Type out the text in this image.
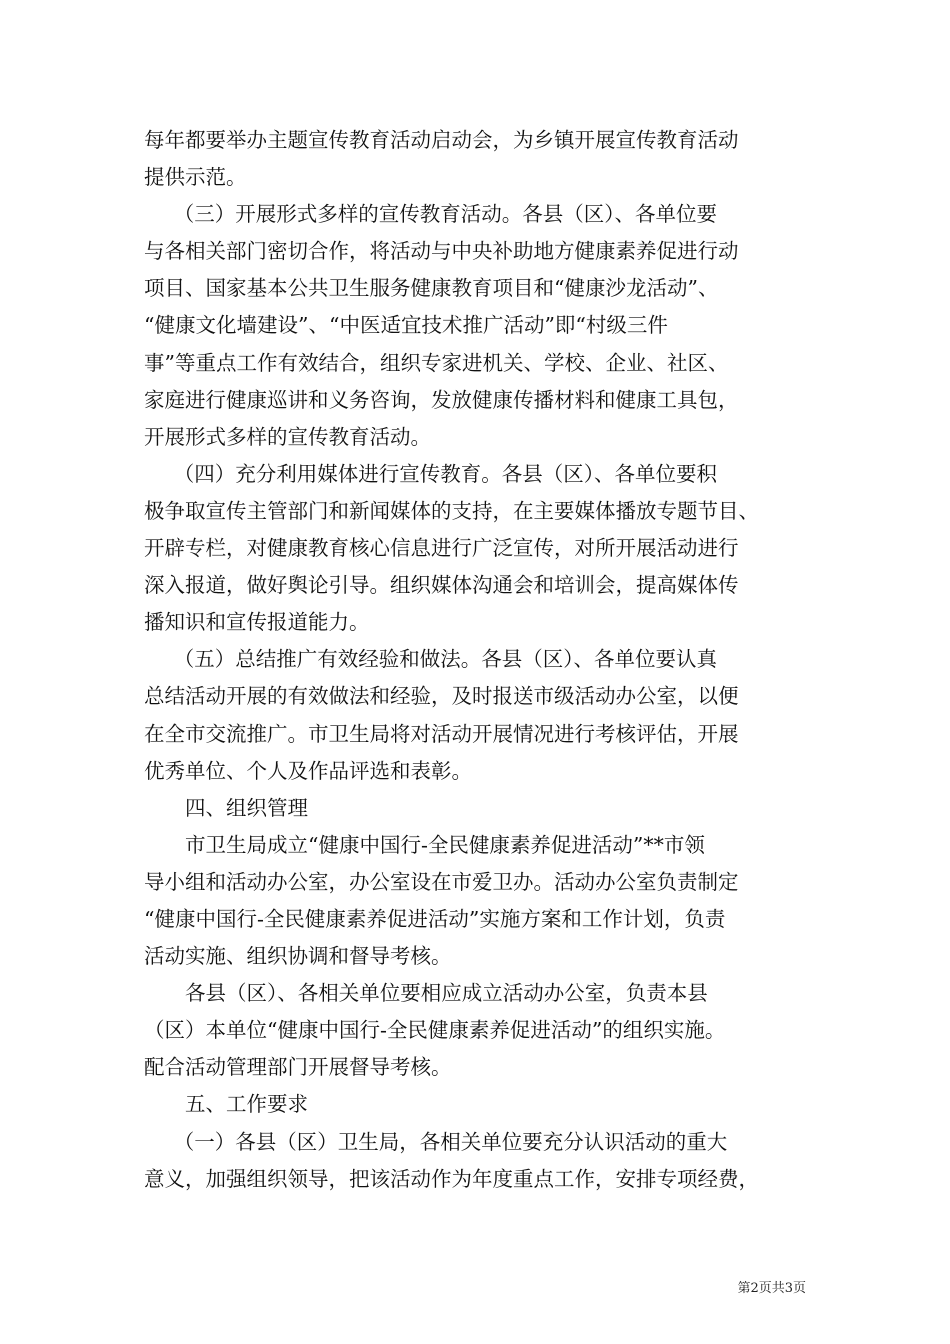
每年都要举办主题宣传教育活动启动会，为乡镇开展宣传教育活动
提供示范。
（三）开展形式多样的宣传教育活动。各县（区）、各单位要
与各相关部门密切合作，将活动与中央补助地方健康素养促进行动
项目、国家基本公共卫生服务健康教育项目和“健康沙龙活动”、
“健康文化墙建设”、“中医适宜技术推广活动”即“村级三件
事”等重点工作有效结合，组织专家进机关、学校、企业、社区、
家庭进行健康巡讲和义务咨询，发放健康传播材料和健康工具包，
开展形式多样的宣传教育活动。
（四）充分利用媒体进行宣传教育。各县（区）、各单位要积
极争取宣传主管部门和新闻媒体的支持，在主要媒体播放专题节目、
开辟专栏，对健康教育核心信息进行广泛宣传，对所开展活动进行
深入报道，做好舆论引导。组织媒体沟通会和培训会，提高媒体传
播知识和宣传报道能力。
（五）总结推广有效经验和做法。各县（区）、各单位要认真
总结活动开展的有效做法和经验，及时报送市级活动办公室，以便
在全市交流推广。市卫生局将对活动开展情况进行考核评估，开展
优秀单位、个人及作品评选和表彰。
四、组织管理
市卫生局成立“健康中国行-全民健康素养促进活动”**市领
导小组和活动办公室，办公室设在市爱卫办。活动办公室负责制定
“健康中国行-全民健康素养促进活动”实施方案和工作计划，负责
活动实施、组织协调和督导考核。
各县（区）、各相关单位要相应成立活动办公室，负责本县
（区）本单位“健康中国行-全民健康素养促进活动”的组织实施。
配合活动管理部门开展督导考核。
五、工作要求
（一）各县（区）卫生局，各相关单位要充分认识活动的重大
意义，加强组织领导，把该活动作为年度重点工作，安排专项经费，
第2页共3页
